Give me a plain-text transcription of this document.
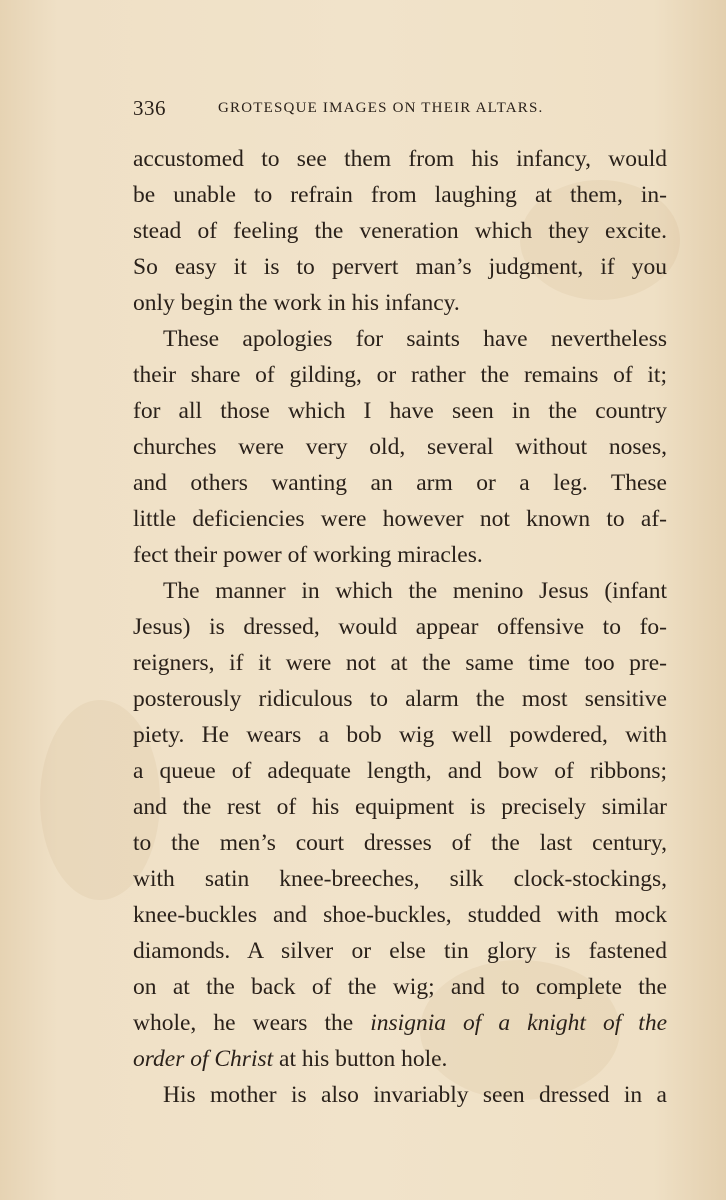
336	GROTESQUE IMAGES ON THEIR ALTARS.
accustomed to see them from his infancy, would
be unable to refrain from laughing at them, in-
stead of feeling the veneration which they excite.
So easy it is to pervert man’s judgment, if you
only begin the work in his infancy.
These apologies for saints have nevertheless
their share of gilding, or rather the remains of it;
for all those which I have seen in the country
churches were very old, several without noses,
and others wanting an arm or a leg. These
little deficiencies were however not known to af-
fect their power of working miracles.
The manner in which the menino Jesus (infant
Jesus) is dressed, would appear offensive to fo-
reigners, if it were not at the same time too pre-
posterously ridiculous to alarm the most sensitive
piety. He wears a bob wig well powdered, with
a queue of adequate length, and bow of ribbons;
and the rest of his equipment is precisely similar
to the men’s court dresses of the last century,
with satin knee-breeches, silk clock-stockings,
knee-buckles and shoe-buckles, studded with mock
diamonds. A silver or else tin glory is fastened
on at the back of the wig; and to complete the
whole, he wears the insignia of a knight of the
order of Christ at his button hole.
His mother is also invariably seen dressed in a
